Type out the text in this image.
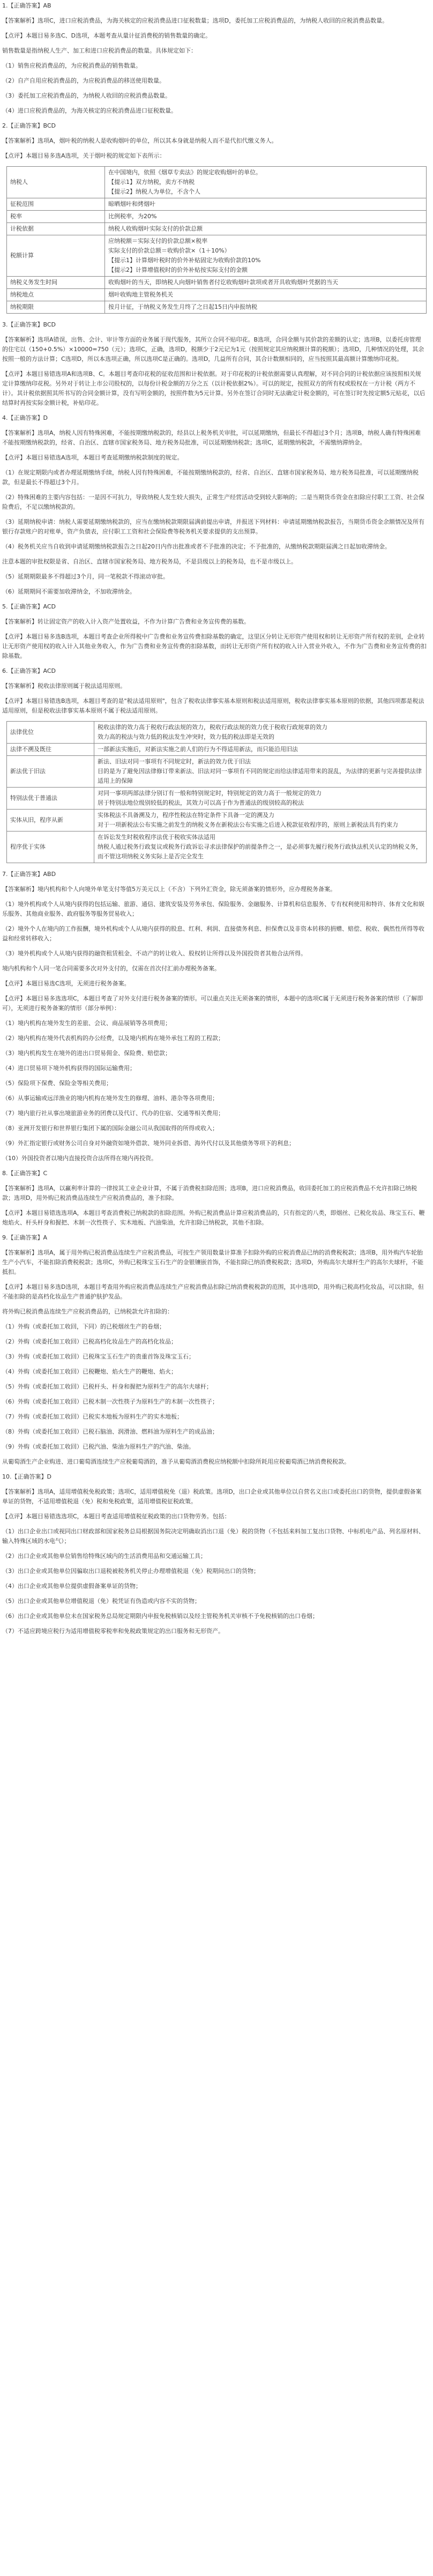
1.【正确答案】AB

【答案解析】选项C，进口应税消费品，为海关核定的应税消费品进口征税数量；选项D，委托加工应税消费品的，为纳税人收回的应税消费品数量。

【点评】本题目易多选C、D选项，本题考查从量计征消费税的销售数量的确定。

销售数量是指纳税人生产、加工和进口应税消费品的数量。具体规定如下：

（1）销售应税消费品的，为应税消费品的销售数量。

（2）自产自用应税消费品的，为应税消费品的移送使用数量。

（3）委托加工应税消费品的，为纳税人收回的应税消费品数量。

（4）进口应税消费品的，为海关核定的应税消费品进口征税数量。

2.【正确答案】BCD

【答案解析】选项A，烟叶税的纳税人是收购烟叶的单位，所以其本身就是纳税人而不是代扣代缴义务人。

【点评】本题目易多选A选项，关于烟叶税的规定如下表所示：

纳税人	在中国境内，依照《烟草专卖法》的规定收购烟叶的单位。
【提示1】双方纳税，卖方不纳税
【提示2】纳税人为单位，不含个人

征税范围	晾晒烟叶和烤烟叶

税率	比例税率，为20%

计税依据	纳税人收购烟叶实际支付的价款总额

税额计算	应纳税额＝实际支付的价款总额×税率
实际支付的价款总额＝收购价款×（1＋10%）
【提示1】计算烟叶税时的价外补贴固定为收购价款的10%
【提示2】计算增值税时的价外补贴按实际支付的金额

纳税义务发生时间	收购烟叶的当天，即纳税人向烟叶销售者付讫收购烟叶款项或者开具收购烟叶凭据的当天

纳税地点	烟叶收购地主管税务机关

纳税期限	按月计征，于纳税义务发生月终了之日起15日内申报纳税

3.【正确答案】BCD

【答案解析】选项A错误，出售、会计、审计等方面的业务属于现代服务，其所立合同不贴印花。B选项，合同金额与其价款的差额的认定；选项B，以委托房管理的住宅以（150+0.5%）×10000=750（元）；选项C，正确，选项D，税额少于2元记为1元（按照规定其应纳税额计算的税额）；选项D，几种情况的处理，其余按照一般的方法计算；C选项D，所以本选项正确，所以选项C是正确的。选项D，几益所有合同，其合计数额相同的，应当按照其最高额计算缴纳印花税。

【点评】本题目易错选项A和选项B、C。本题目考查印花税的征收范围和计税依据。对于印花税的计税依据需要认真理解，对不同合同的计税依据应该按照相关规定计算缴纳印花税。另外对于转让上市公司股权的，以每份计税金额的万分之五（以计税依据2%）。可以的规定，按照双方的所有权或股权在一方计税（两方不计）。其计税依据照其所书写的合同金额计算，没有写明金额的，按照件数为5元计算。另外在签订合同时无法确定计税金额的，可在签订时先按定额5元贴花，以后结算时再按实际金额计税，补贴印花。

4.【正确答案】D

【答案解析】选项A，纳税人因有特殊困难，不能按期缴纳税款的，经县以上税务机关审批，可以延期缴纳，但最长不得超过3个月；选项B，纳税人确有特殊困难不能按期缴纳税款的，经省、自治区、直辖市国家税务局、地方税务局批准，可以延期缴纳税款；选项C，延期缴纳税款，不需缴纳滞纳金。

【点评】本题目易错选A选项，本题目考查延期缴纳税款制度的规定。

（1）在规定期限内或者办理延期缴纳手续，纳税人因有特殊困难，不能按期缴纳税款的，经省、自治区、直辖市国家税务局、地方税务局批准，可以延期缴纳税款，但是最长不得超过3个月。

（2）特殊困难的主要内容包括：一是因不可抗力，导致纳税人发生较大损失，正常生产经营活动受到较大影响的；二是当期货币资金在扣除应付职工工资、社会保险费后，不足以缴纳税款的。

（3）延期纳税申请：纳税人需要延期缴纳税款的，应当在缴纳税款期限届满前提出申请，并报送下列材料：申请延期缴纳税款报告，当期货币资金余额情况及所有银行存款账户的对账单，资产负债表，应付职工工资和社会保险费等税务机关要求提供的支出预算。

（4）税务机关应当自收到申请延期缴纳税款报告之日起20日内作出批准或者不予批准的决定；不予批准的，从缴纳税款期限届满之日起加收滞纳金。

注意本题的审批权限是省、自治区、直辖市国家税务局、地方税务局，不是县级以上的税务局，也不是市级以上。

（5）延期期限最多不得超过3个月，同一笔税款不得滚动审批。

（6）延期期间不需要加收滞纳金，不加收滞纳金。

5.【正确答案】ACD

【答案解析】转让固定资产的收入计入资产处置收益，不作为计算广告费和业务宣传费的基数。

【点评】本题目易多选B选项，本题目考查企业所得税中广告费和业务宣传费扣除基数的确定，这里区分转让无形资产使用权和转让无形资产所有权的差别，企业转让无形资产使用权的收入计入其他业务收入，作为广告费和业务宣传费的扣除基数，而转让无形资产所有权的收入计入营业外收入，不作为广告费和业务宣传费的扣除基数。

6.【正确答案】ACD

【答案解析】税收法律原则属于税法适用原则。

【点评】本题目易错选B选项，本题目考查的是"税法适用原则"，包含了税收法律事实基本原则和税法适用原则，税收法律事实基本原则的依据，其他四项都是税法适用原则，但是税收法律事实基本原则不属于税法适用原则。

法律优位	税收法律的效力高于税收行政法规的效力，税收行政法规的效力优于税收行政规章的效力
效力高的税法与效力低的税法发生冲突时，效力低的税法即是无效的

法律不溯及既往	一部新法实施后，对新法实施之前人们的行为不得适用新法，而只能沿用旧法

新法优于旧法	新法、旧法对同一事项有不同规定时，新法的效力优于旧法
目的是为了避免因法律修订带来新法、旧法对同一事项有不同的规定而给法律适用带来的混乱，为法律的更新与完善提供法律适用上的保障

特别法优于普通法	对同一事项两部法律分别订有一般和特别规定时，特别规定的效力高于一般规定的效力
居于特别法地位级别较低的税法，其效力可以高于作为普通法的级别较高的税法

实体从旧，程序从新	实体税法不具备溯及力，程序性税法在特定条件下具备一定的溯及力
对于一项新税法公布实施之前发生的纳税义务在新税法公布实施之后进入税款征收程序的，原则上新税法具有约束力

程序优于实体	在诉讼发生时税收程序法优于税收实体法适用
纳税人通过税务行政复议或税务行政诉讼寻求法律保护的前提条件之一，是必须事先履行税务行政执法机关认定的纳税义务，而不管这项纳税义务实际上是否完全发生

7.【正确答案】ABD

【答案解析】境内机构和个人向境外单笔支付等值5万美元以上（不含）下列外汇资金，除无须备案的情形外，应办理税务备案。

（1）境外机构或个人从境内获得的包括运输、旅游、通信、建筑安装及劳务承包、保险服务、金融服务、计算机和信息服务、专有权利使用和特许、体育文化和娱乐服务、其他商业服务、政府服务等服务贸易收入；

（2）境外个人在境内的工作报酬，境外机构或个人从境内获得的股息、红利、利润、直接债务利息、担保费以及非资本转移的捐赠、赔偿、税收、偶然性所得等收益和经常转移收入；

（3）境外机构或个人从境内获得的融资租赁租金、不动产的转让收入、股权转让所得以及外国投资者其他合法所得。

境内机构和个人同一笔合同需要多次对外支付的，仅需在首次付汇前办理税务备案。

【点评】本题目易选C选项，无须进行税务备案。

【点评】本题目易多选选项C，本题目考查了对外支付进行税务备案的情形。可以重点关注无须备案的情形，本题中的选项C属于无须进行税务备案的情形（了解即可），无须进行税务备案的情形（部分举例）：

（1）境内机构在境外发生的差旅、会议、商品展销等各项费用；

（2）境内机构在境外代表机构的办公经费，以及境内机构在境外承包工程的工程款；

（3）境内机构发生在境外的进出口贸易佣金、保险费、赔偿款；

（4）进口贸易项下境外机构获得的国际运输费用；

（5）保险项下保费、保险金等相关费用；

（6）从事运输或远洋渔业的境内机构在境外发生的修理、油料、港杂等各项费用；

（7）境内旅行社从事出境旅游业务的团费以及代订、代办的住宿、交通等相关费用；

（8）亚洲开发银行和世界银行集团下属的国际金融公司从我国取得的所得或收入；

（9）外汇指定银行或财务公司自身对外融资如境外借款、境外同业拆借、海外代付以及其他债务等项下的利息；

（10）外国投资者以境内直接投资合法所得在境内再投资。

8.【正确答案】C

【答案解析】选项A，以赢利率计算的一律按其工业企业计算，不属于消费税扣除范围；选项B，进口应税消费品，收回委托加工的应税消费品不允许扣除已纳税款；选项D，用外购已税消费品连续生产应税消费品的，准予扣除。

【点评】本题目易错选选项A，本题目考查消费税已纳税款的扣除范围。外购已税消费品计算应税消费品的，只有指定的八类，即烟丝、已税化妆品、珠宝玉石、鞭炮焰火、杆头杆身和握把、木制一次性筷子、实木地板、汽油柴油，允许扣除已纳税款，其他不扣除。

9.【正确答案】A

【答案解析】选项A，属于用外购已税消费品连续生产应税消费品，可按生产领用数量计算准予扣除外购的应税消费品已纳的消费税税款；选项B，用外购汽车轮胎生产小汽车，不能扣除消费税税款；选项C，外购已税珠宝玉石生产的金银镶嵌首饰，不能扣除已纳消费税税款；选项D，外购高尔夫球杆生产的高尔夫球杆，不能抵扣。

【点评】本题目易多选D选项，本题目考查用外购应税消费品连续生产应税消费品扣除已纳消费税税款的范围，其中选项D，用外购已税高档化妆品，可以扣除，但不能扣除的是高档化妆品生产普通护肤护发品。

将外购已税消费品连续生产应税消费品的，已纳税款允许扣除的：

（1）外购（或委托加工收回，下同）的已税烟丝生产的卷烟；

（2）外购（或委托加工收回）已税高档化妆品生产的高档化妆品；

（3）外购（或委托加工收回）已税珠宝玉石生产的贵重首饰及珠宝玉石；

（4）外购（或委托加工收回）已税鞭炮、焰火生产的鞭炮、焰火；

（5）外购（或委托加工收回）已税杆头、杆身和握把为原料生产的高尔夫球杆；

（6）外购（或委托加工收回）已税木制一次性筷子为原料生产的木制一次性筷子；

（7）外购（或委托加工收回）已税实木地板为原料生产的实木地板；

（8）外购（或委托加工收回）已税石脑油、润滑油、燃料油为原料生产的成品油；

（9）外购（或委托加工收回）已税汽油、柴油为原料生产的汽油、柴油。

从葡萄酒生产企业购进、进口葡萄酒连续生产应税葡萄酒的，准予从葡萄酒消费税应纳税额中扣除所耗用应税葡萄酒已纳消费税税款。

10.【正确答案】D

【答案解析】选项A，适用增值税免税政策；选项C，适用增值税免（退）税政策。选项D，出口企业或其他单位以自营名义出口或委托出口的货物，提供虚假备案单证的货物，不适用增值税退（免）税和免税政策，适用增值税征税政策。

【点评】本题目易错选选项C，本题目考查适用增值税征税政策的出口货物劳务。包括：

（1）出口企业出口或视同出口财政部和国家税务总局根据国务院决定明确取消出口退（免）税的货物（不包括来料加工复出口货物、中标机电产品、列名原材料、输入特殊区域的水电气）；

（2）出口企业或其他单位销售给特殊区域内的生活消费用品和交通运输工具；

（3）出口企业或其他单位因骗取出口退税被税务机关停止办理增值税退（免）税期间出口的货物；

（4）出口企业或其他单位提供虚假备案单证的货物；

（5）出口企业或其他单位增值税退（免）税凭证有伪造或内容不实的货物；

（6）出口企业或其他单位未在国家税务总局规定期限内申报免税核销以及经主管税务机关审核不予免税核销的出口卷烟；

（7）不适应跨境应税行为适用增值税零税率和免税政策规定的出口服务和无形资产。
